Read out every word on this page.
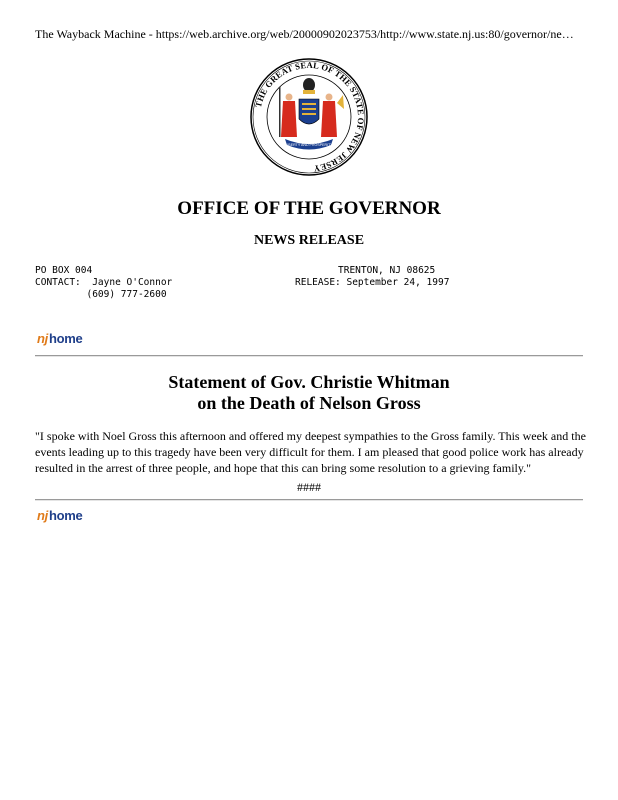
The Wayback Machine - https://web.archive.org/web/20000902023753/http://www.state.nj.us:80/governor/ne…
THE GREAT SEAL OF THE STATE OF NEW JERSEY
LIBERTY AND PROSPERITY
OFFICE OF THE GOVERNOR
NEWS RELEASE
PO BOX 004
CONTACT:  Jayne O'Connor
(609) 777-2600
TRENTON, NJ 08625
RELEASE: September 24, 1997
n j home
Statement of Gov. Christie Whitman
on the Death of Nelson Gross
"I spoke with Noel Gross this afternoon and offered my deepest sympathies to the Gross family. This week and the events leading up to this tragedy have been very difficult for them. I am pleased that good police work has already resulted in the arrest of three people, and hope that this can bring some resolution to a grieving family."
####
n j home
